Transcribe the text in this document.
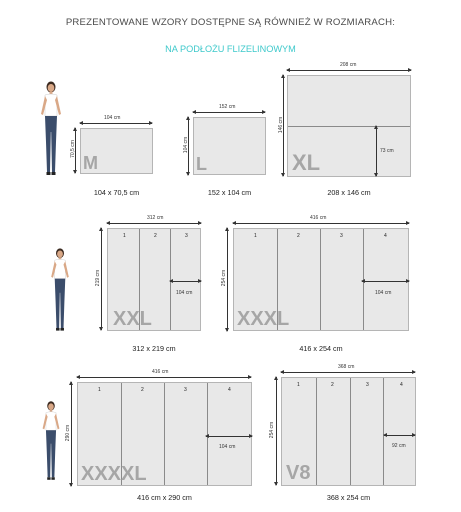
PREZENTOWANE WZORY DOSTĘPNE SĄ RÓWNIEŻ W ROZMIARACH:
NA PODŁOŻU FLIZELINOWYM
104 cm
70,5 cm
M
104 x 70,5 cm
152 cm
104 cm
L
152 x 104 cm
208 cm
146 cm
XL	73 cm
208 x 146 cm
312 cm
219 cm
1	2	3
XXL
104 cm
312 x 219 cm
416 cm
254 cm
1	2	3	4
XXXL
104 cm
416 x 254 cm
416 cm
290 cm
1	2	3	4
XXXXL
104 cm
416 cm x 290 cm
368 cm
254 cm
1	2	3	4
V8
92 cm
368 x 254 cm
